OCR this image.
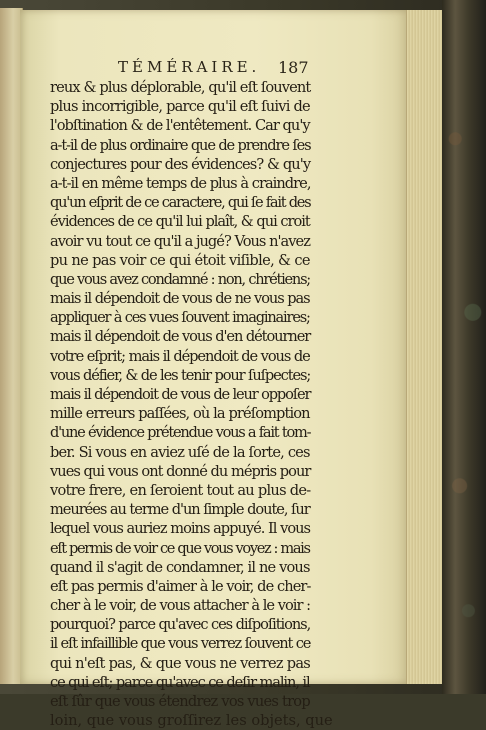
TÉMÉRAIRE. 187
reux & plus déplorable, qu'il eſt ſouvent
plus incorrigible, parce qu'il eſt ſuivi de
l'obſtination & de l'entêtement. Car qu'y
a-t-il de plus ordinaire que de prendre ſes
conjectures pour des évidences? & qu'y
a-t-il en même temps de plus à craindre,
qu'un eſprit de ce caractere, qui ſe fait des
évidences de ce qu'il lui plaît, & qui croit
avoir vu tout ce qu'il a jugé? Vous n'avez
pu ne pas voir ce qui étoit viſible, & ce
que vous avez condamné : non, chrétiens;
mais il dépendoit de vous de ne vous pas
appliquer à ces vues ſouvent imaginaires;
mais il dépendoit de vous d'en détourner
votre eſprit; mais il dépendoit de vous de
vous défier, & de les tenir pour ſuſpectes;
mais il dépendoit de vous de leur oppoſer
mille erreurs paſſées, où la préſomption
d'une évidence prétendue vous a fait tom-
ber. Si vous en aviez uſé de la ſorte, ces
vues qui vous ont donné du mépris pour
votre frere, en ſeroient tout au plus de-
meurées au terme d'un ſimple doute, ſur
lequel vous auriez moins appuyé. Il vous
eſt permis de voir ce que vous voyez : mais
quand il s'agit de condamner, il ne vous
eſt pas permis d'aimer à le voir, de cher-
cher à le voir, de vous attacher à le voir :
pourquoi? parce qu'avec ces diſpoſitions,
il eſt infaillible que vous verrez ſouvent ce
qui n'eſt pas, & que vous ne verrez pas
ce qui eſt; parce qu'avec ce deſir malin, il
eſt ſûr que vous étendrez vos vues trop
loin, que vous groſſirez les objets, que
